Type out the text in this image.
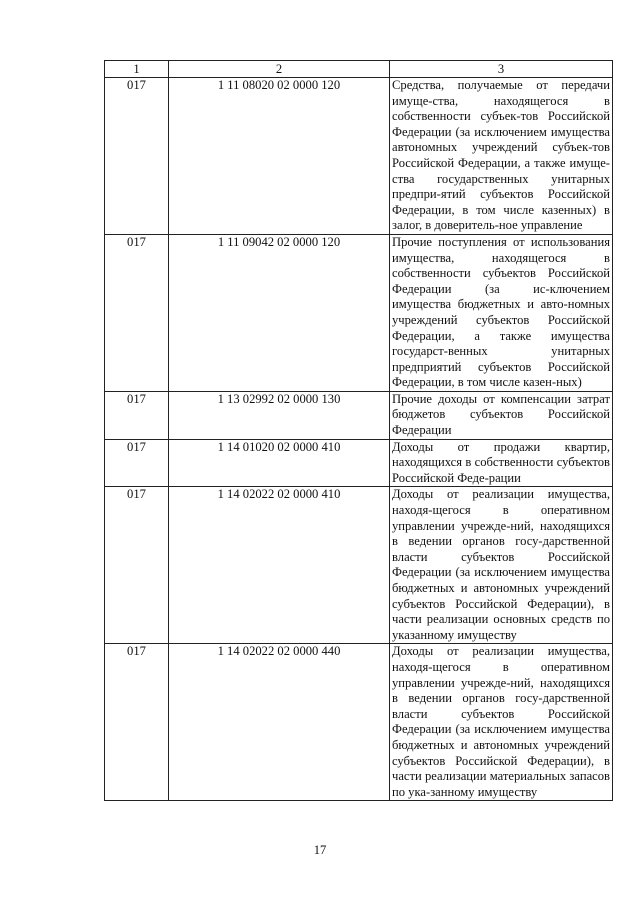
1	2	3
017	1 11 08020 02 0000 120	Средства, получаемые от передачи имуще-ства, находящегося в собственности субъек-тов Российской Федерации (за исключением имущества автономных учреждений субъек-тов Российской Федерации, а также имуще-ства государственных унитарных предпри-ятий субъектов Российской Федерации, в том числе казенных) в залог, в доверитель-ное управление
017	1 11 09042 02 0000 120	Прочие поступления от использования имущества, находящегося в собственности субъектов Российской Федерации (за ис-ключением имущества бюджетных и авто-номных учреждений субъектов Российской Федерации, а также имущества государст-венных унитарных предприятий субъектов Российской Федерации, в том числе казен-ных)
017	1 13 02992 02 0000 130	Прочие доходы от компенсации затрат бюджетов субъектов Российской Федерации
017	1 14 01020 02 0000 410	Доходы от продажи квартир, находящихся в собственности субъектов Российской Феде-рации
017	1 14 02022 02 0000 410	Доходы от реализации имущества, находя-щегося в оперативном управлении учрежде-ний, находящихся в ведении органов госу-дарственной власти субъектов Российской Федерации (за исключением имущества бюджетных и автономных учреждений субъектов Российской Федерации), в части реализации основных средств по указанному имуществу
017	1 14 02022 02 0000 440	Доходы от реализации имущества, находя-щегося в оперативном управлении учрежде-ний, находящихся в ведении органов госу-дарственной власти субъектов Российской Федерации (за исключением имущества бюджетных и автономных учреждений субъектов Российской Федерации), в части реализации материальных запасов по ука-занному имуществу
17
